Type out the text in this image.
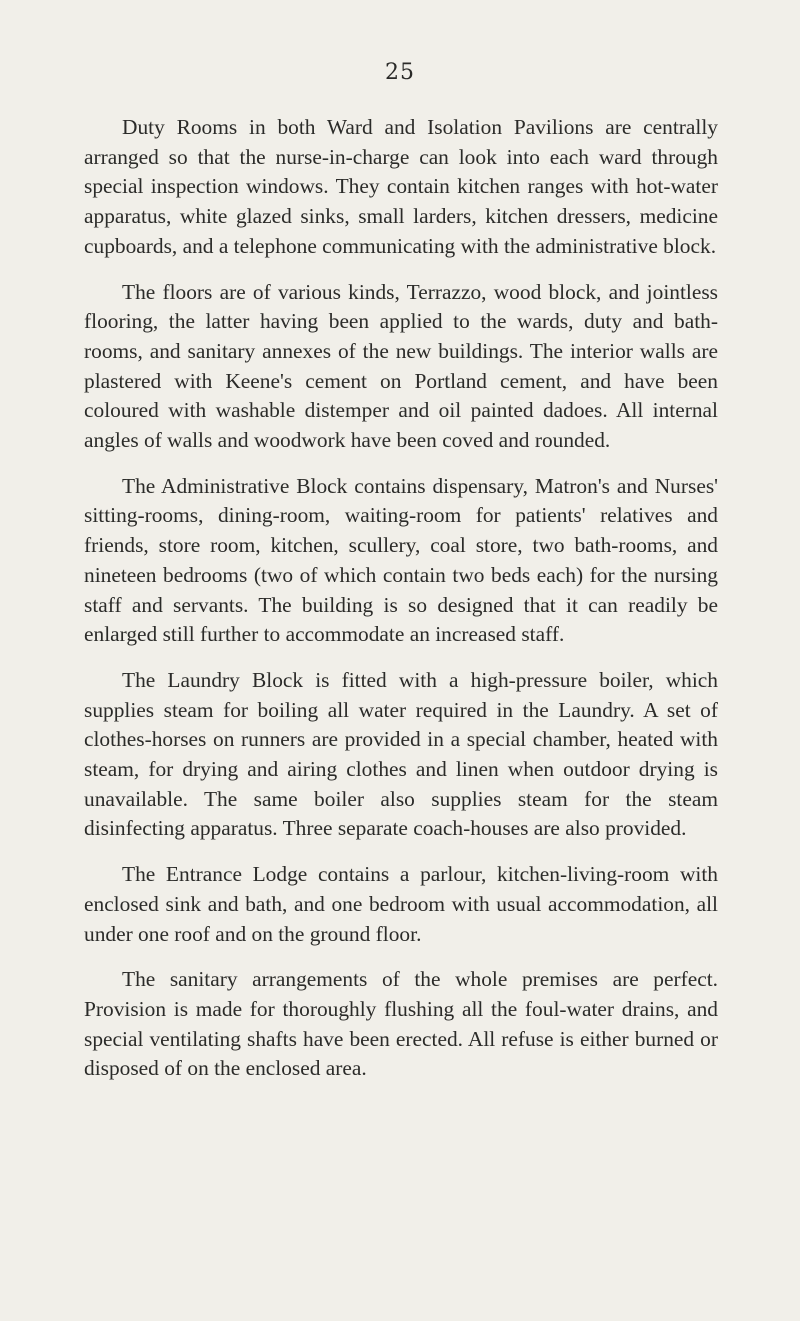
25

Duty Rooms in both Ward and Isolation Pavilions are centrally arranged so that the nurse-in-charge can look into each ward through special inspection windows. They contain kitchen ranges with hot-water apparatus, white glazed sinks, small larders, kitchen dressers, medicine cupboards, and a telephone communicating with the administrative block.

The floors are of various kinds, Terrazzo, wood block, and jointless flooring, the latter having been applied to the wards, duty and bath-rooms, and sanitary annexes of the new buildings. The interior walls are plastered with Keene's cement on Portland cement, and have been coloured with washable distemper and oil painted dadoes. All internal angles of walls and woodwork have been coved and rounded.

The Administrative Block contains dispensary, Matron's and Nurses' sitting-rooms, dining-room, waiting-room for patients' relatives and friends, store room, kitchen, scullery, coal store, two bath-rooms, and nineteen bedrooms (two of which contain two beds each) for the nursing staff and servants. The building is so designed that it can readily be enlarged still further to accommodate an increased staff.

The Laundry Block is fitted with a high-pressure boiler, which supplies steam for boiling all water required in the Laundry. A set of clothes-horses on runners are provided in a special chamber, heated with steam, for drying and airing clothes and linen when outdoor drying is unavailable. The same boiler also supplies steam for the steam disinfecting apparatus. Three separate coach-houses are also provided.

The Entrance Lodge contains a parlour, kitchen-living-room with enclosed sink and bath, and one bedroom with usual accommodation, all under one roof and on the ground floor.

The sanitary arrangements of the whole premises are perfect. Provision is made for thoroughly flushing all the foul-water drains, and special ventilating shafts have been erected. All refuse is either burned or disposed of on the enclosed area.
